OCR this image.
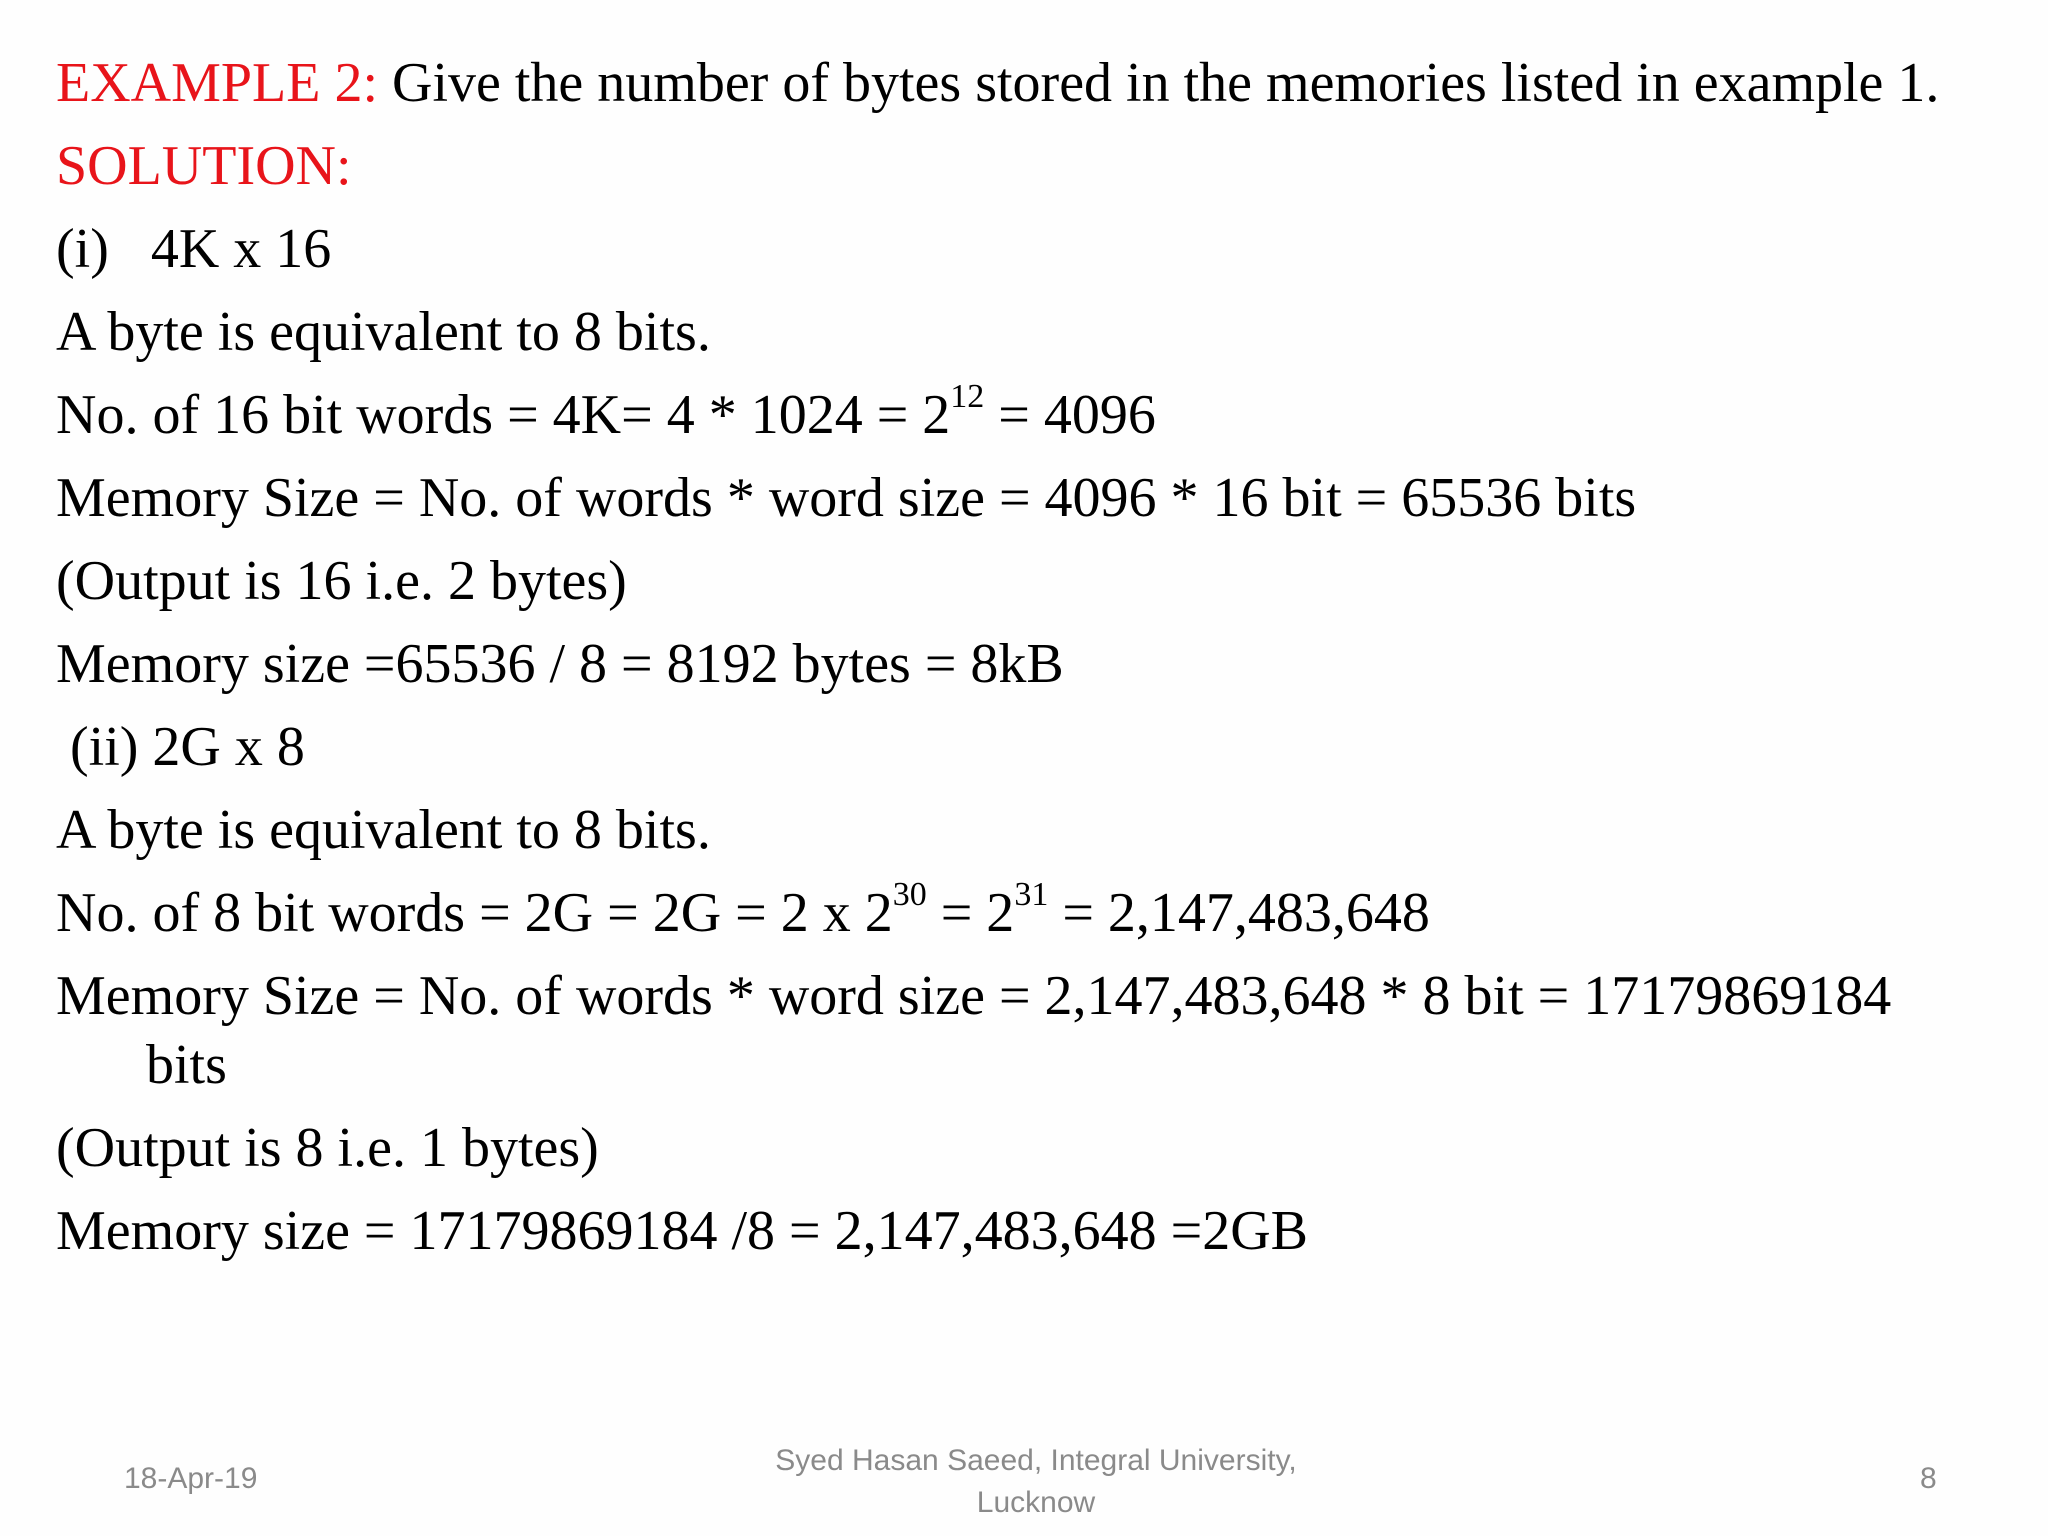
EXAMPLE 2: Give the number of bytes stored in the memories listed in example 1.
SOLUTION:
(i)   4K x 16
A byte is equivalent to 8 bits.
No. of 16 bit words = $4K= 4 * 1024 = 2^{12} = 4096$
Memory Size = No. of words * word size = 4096 * 16 bit = 65536 bits
(Output is 16 i.e. 2 bytes)
Memory size =65536 / 8 = 8192 bytes = 8kB
(ii) 2G x 8
A byte is equivalent to 8 bits.
No. of 8 bit words = 2G = 2G = 2 x $2^{30} = 2^{31} = 2,147,483,648$
Memory Size = No. of words * word size = 2,147,483,648 * 8 bit = 17179869184
bits
(Output is 8 i.e. 1 bytes)
Memory size = 17179869184 /8 = 2,147,483,648 =2GB
18-Apr-19
Syed Hasan Saeed, Integral University,
Lucknow
8
